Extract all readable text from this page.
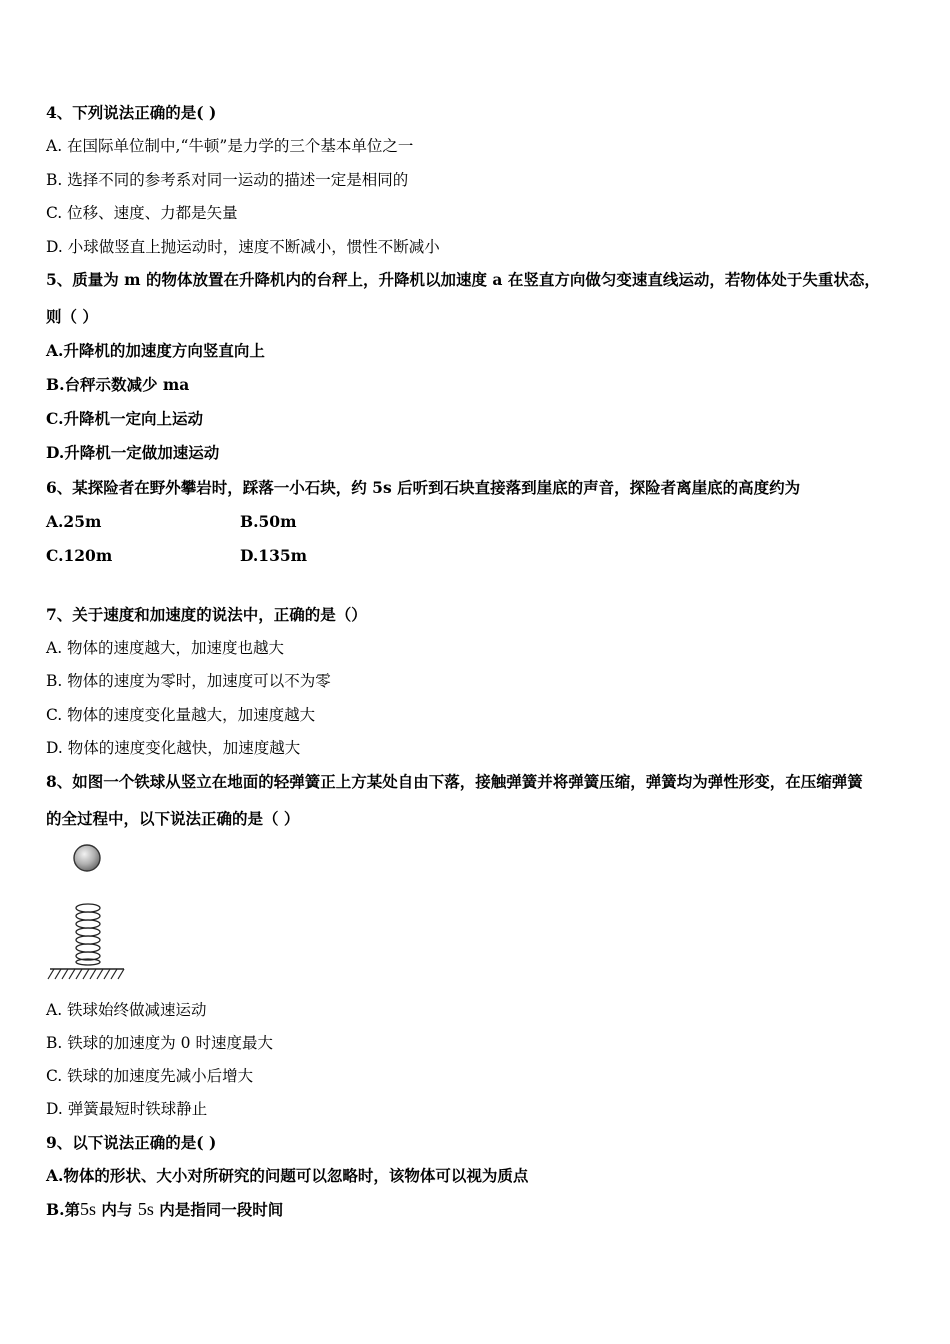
4、下列说法正确的是( )
A. 在国际单位制中,“牛顿”是力学的三个基本单位之一
B. 选择不同的参考系对同一运动的描述一定是相同的
C. 位移、速度、力都是矢量
D. 小球做竖直上抛运动时，速度不断减小，惯性不断减小
5、质量为 m 的物体放置在升降机内的台秤上，升降机以加速度 a 在竖直方向做匀变速直线运动，若物体处于失重状态，
则（ ）
A.升降机的加速度方向竖直向上
B.台秤示数减少 ma
C.升降机一定向上运动
D.升降机一定做加速运动
6、某探险者在野外攀岩时，踩落一小石块，约 5s 后听到石块直接落到崖底的声音，探险者离崖底的高度约为
A.25m	B.50m
C.120m	D.135m
7、关于速度和加速度的说法中，正确的是（）
A. 物体的速度越大，加速度也越大
B. 物体的速度为零时，加速度可以不为零
C. 物体的速度变化量越大，加速度越大
D. 物体的速度变化越快，加速度越大
8、如图一个铁球从竖立在地面的轻弹簧正上方某处自由下落，接触弹簧并将弹簧压缩，弹簧均为弹性形变，在压缩弹簧
的全过程中，以下说法正确的是（ ）
A. 铁球始终做减速运动
B. 铁球的加速度为 0 时速度最大
C. 铁球的加速度先减小后增大
D. 弹簧最短时铁球静止
9、以下说法正确的是( )
A.物体的形状、大小对所研究的问题可以忽略时，该物体可以视为质点
B.第5s 内与 5s 内是指同一段时间
